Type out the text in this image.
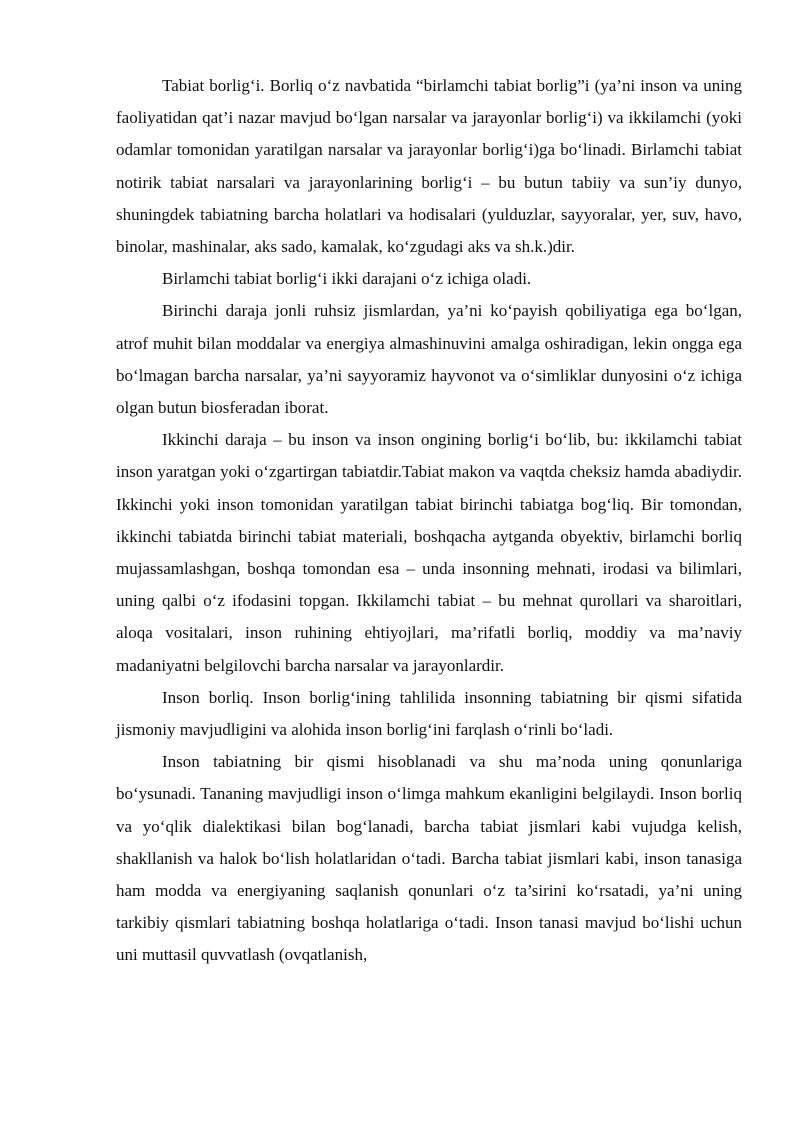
Tabiat borlig‘i. Borliq o‘z navbatida “birlamchi tabiat borlig”i (ya’ni inson va uning faoliyatidan qat’i nazar mavjud bo‘lgan narsalar va jarayonlar borlig‘i) va ikkilamchi (yoki odamlar tomonidan yaratilgan narsalar va jarayonlar borlig‘i)ga bo‘linadi. Birlamchi tabiat notirik tabiat narsalari va jarayonlarining borlig‘i – bu butun tabiiy va sun’iy dunyo, shuningdek tabiatning barcha holatlari va hodisalari (yulduzlar, sayyoralar, yer, suv, havo, binolar, mashinalar, aks sado, kamalak, ko‘zgudagi aks va sh.k.)dir.

Birlamchi tabiat borlig‘i ikki darajani o‘z ichiga oladi.

Birinchi daraja jonli ruhsiz jismlardan, ya’ni ko‘payish qobiliyatiga ega bo‘lgan, atrof muhit bilan moddalar va energiya almashinuvini amalga oshiradigan, lekin ongga ega bo‘lmagan barcha narsalar, ya’ni sayyoramiz hayvonot va o‘simliklar dunyosini o‘z ichiga olgan butun biosferadan iborat.

Ikkinchi daraja – bu inson va inson ongining borlig‘i bo‘lib, bu: ikkilamchi tabiat inson yaratgan yoki o‘zgartirgan tabiatdir.Tabiat makon va vaqtda cheksiz hamda abadiydir. Ikkinchi yoki inson tomonidan yaratilgan tabiat birinchi tabiatga bog‘liq. Bir tomondan, ikkinchi tabiatda birinchi tabiat materiali, boshqacha aytganda obyektiv, birlamchi borliq mujassamlashgan, boshqa tomondan esa – unda insonning mehnati, irodasi va bilimlari, uning qalbi o‘z ifodasini topgan. Ikkilamchi tabiat – bu mehnat qurollari va sharoitlari, aloqa vositalari, inson ruhining ehtiyojlari, ma’rifatli borliq, moddiy va ma’naviy madaniyatni belgilovchi barcha narsalar va jarayonlardir.

Inson borliq. Inson borlig‘ining tahlilida insonning tabiatning bir qismi sifatida jismoniy mavjudligini va alohida inson borlig‘ini farqlash o‘rinli bo‘ladi.

Inson tabiatning bir qismi hisoblanadi va shu ma’noda uning qonunlariga bo‘ysunadi. Tananing mavjudligi inson o‘limga mahkum ekanligini belgilaydi. Inson borliq va yo‘qlik dialektikasi bilan bog‘lanadi, barcha tabiat jismlari kabi vujudga kelish, shakllanish va halok bo‘lish holatlaridan o‘tadi. Barcha tabiat jismlari kabi, inson tanasiga ham modda va energiyaning saqlanish qonunlari o‘z ta’sirini ko‘rsatadi, ya’ni uning tarkibiy qismlari tabiatning boshqa holatlariga o‘tadi. Inson tanasi mavjud bo‘lishi uchun uni muttasil quvvatlash (ovqatlanish,
